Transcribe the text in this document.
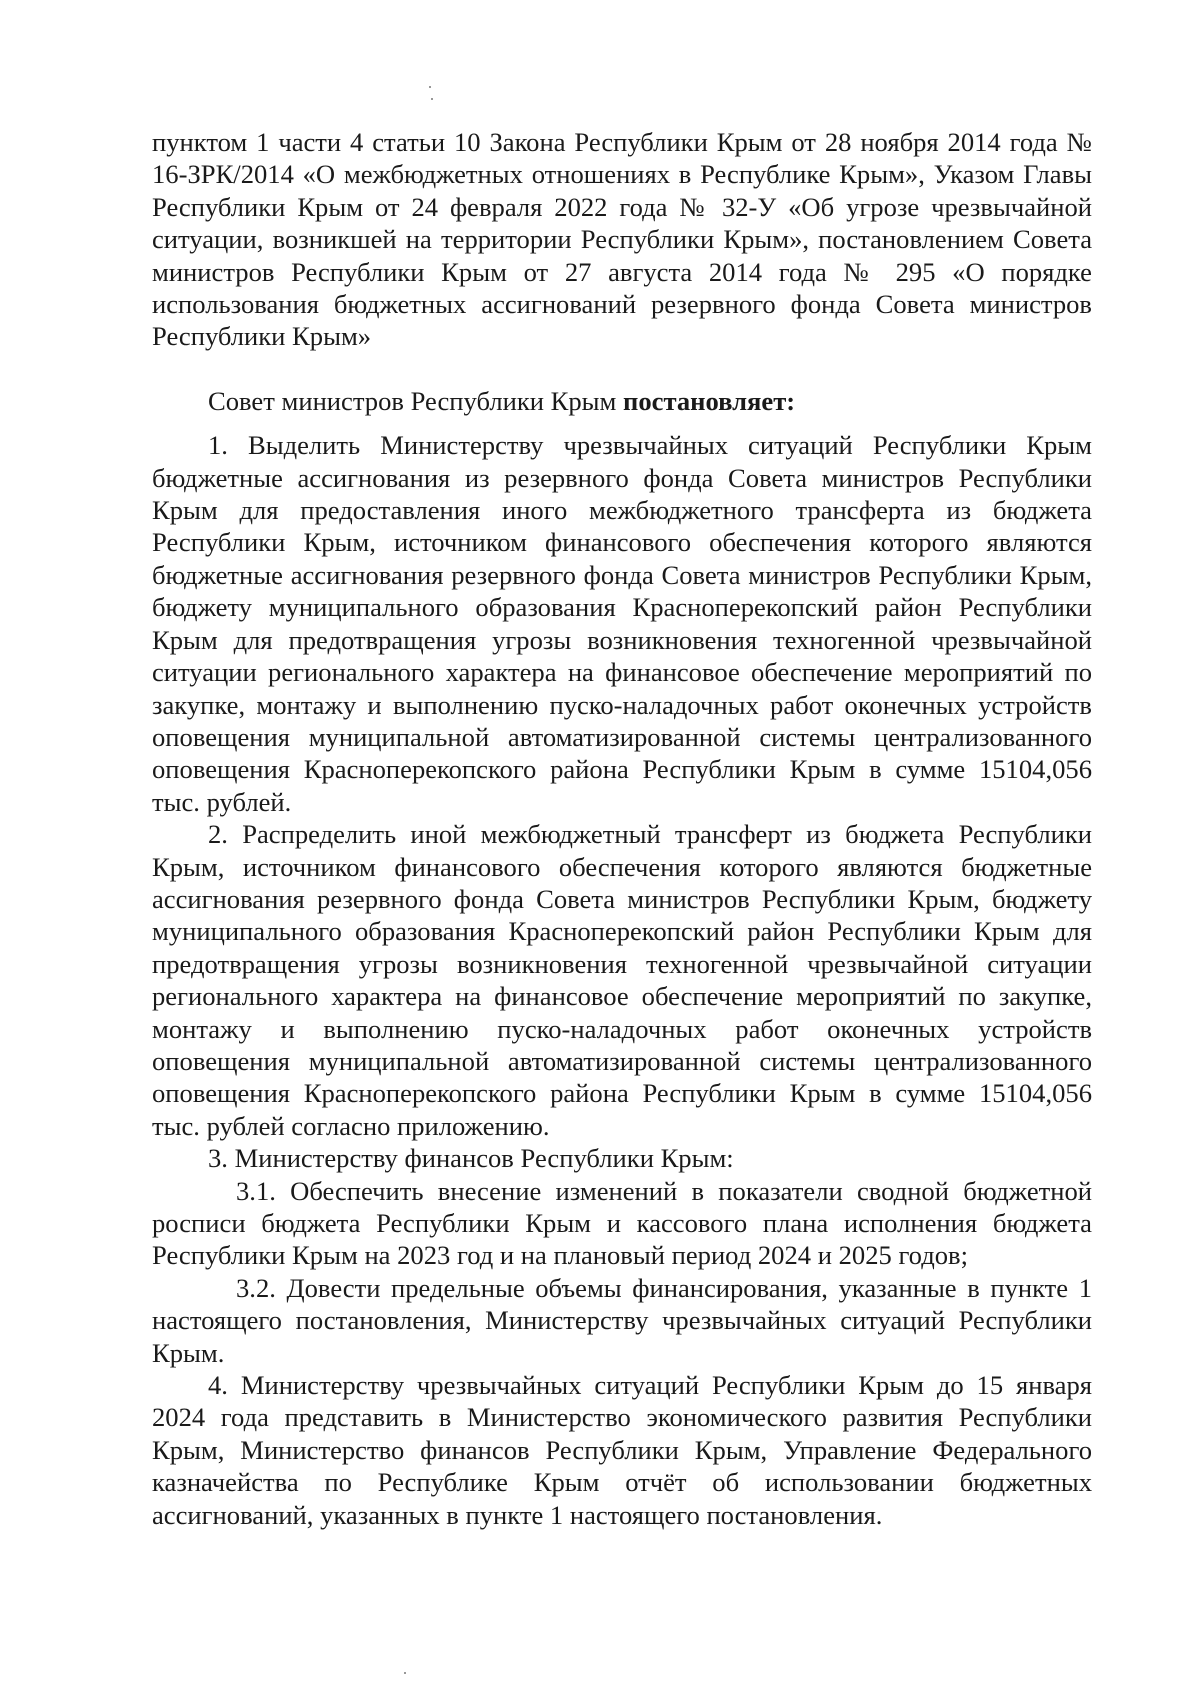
пунктом 1 части 4 статьи 10 Закона Республики Крым от 28 ноября 2014 года № 16-ЗРК/2014 «О межбюджетных отношениях в Республике Крым», Указом Главы Республики Крым от 24 февраля 2022 года № 32-У «Об угрозе чрезвычайной ситуации, возникшей на территории Республики Крым», постановлением Совета министров Республики Крым от 27 августа 2014 года № 295 «О порядке использования бюджетных ассигнований резервного фонда Совета министров Республики Крым»

Совет министров Республики Крым постановляет:

1. Выделить Министерству чрезвычайных ситуаций Республики Крым бюджетные ассигнования из резервного фонда Совета министров Республики Крым для предоставления иного межбюджетного трансферта из бюджета Республики Крым, источником финансового обеспечения которого являются бюджетные ассигнования резервного фонда Совета министров Республики Крым, бюджету муниципального образования Красноперекопский район Республики Крым для предотвращения угрозы возникновения техногенной чрезвычайной ситуации регионального характера на финансовое обеспечение мероприятий по закупке, монтажу и выполнению пуско-наладочных работ оконечных устройств оповещения муниципальной автоматизированной системы централизованного оповещения Красноперекопского района Республики Крым в сумме 15104,056 тыс. рублей.

2. Распределить иной межбюджетный трансферт из бюджета Республики Крым, источником финансового обеспечения которого являются бюджетные ассигнования резервного фонда Совета министров Республики Крым, бюджету муниципального образования Красноперекопский район Республики Крым для предотвращения угрозы возникновения техногенной чрезвычайной ситуации регионального характера на финансовое обеспечение мероприятий по закупке, монтажу и выполнению пуско-наладочных работ оконечных устройств оповещения муниципальной автоматизированной системы централизованного оповещения Красноперекопского района Республики Крым в сумме 15104,056 тыс. рублей согласно приложению.

3. Министерству финансов Республики Крым:

3.1. Обеспечить внесение изменений в показатели сводной бюджетной росписи бюджета Республики Крым и кассового плана исполнения бюджета Республики Крым на 2023 год и на плановый период 2024 и 2025 годов;

3.2. Довести предельные объемы финансирования, указанные в пункте 1 настоящего постановления, Министерству чрезвычайных ситуаций Республики Крым.

4. Министерству чрезвычайных ситуаций Республики Крым до 15 января 2024 года представить в Министерство экономического развития Республики Крым, Министерство финансов Республики Крым, Управление Федерального казначейства по Республике Крым отчёт об использовании бюджетных ассигнований, указанных в пункте 1 настоящего постановления.
